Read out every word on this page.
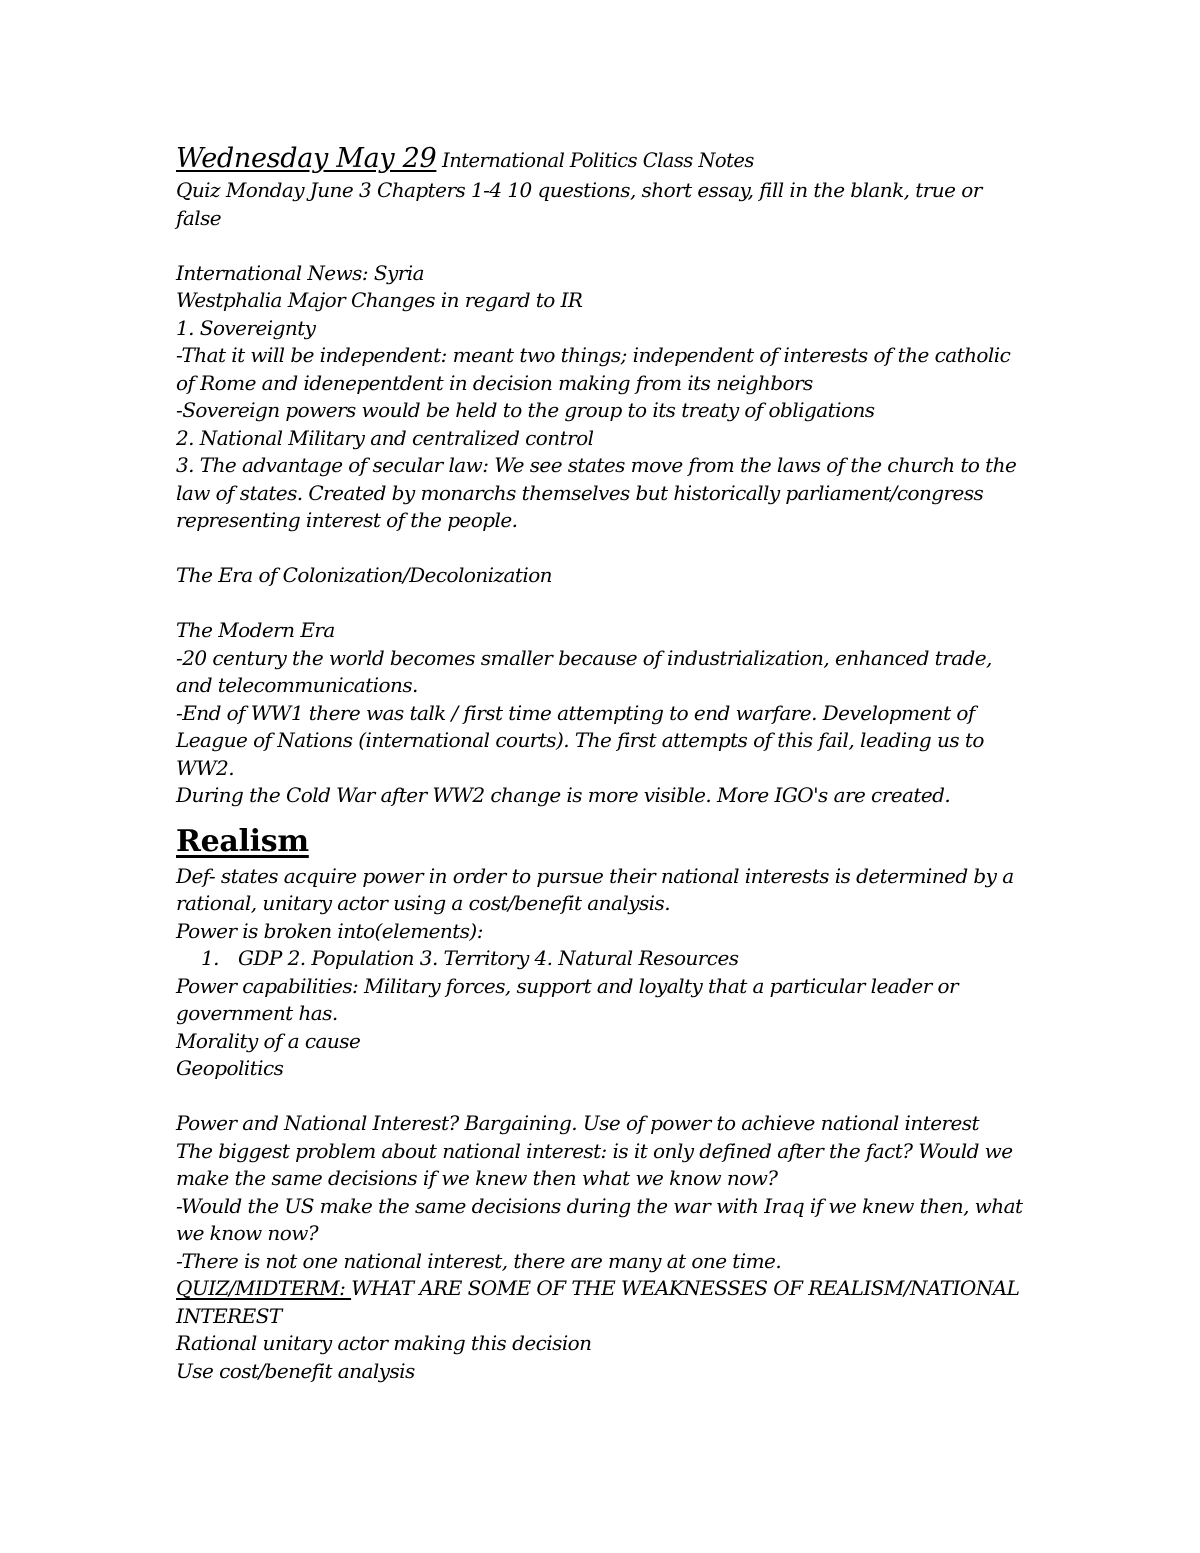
Wednesday May 29 International Politics Class Notes
Quiz Monday June 3 Chapters 1-4 10 questions, short essay, fill in the blank, true or
false
International News: Syria
Westphalia Major Changes in regard to IR
1. Sovereignty
-That it will be independent: meant two things; independent of interests of the catholic
of Rome and idenepentdent in decision making from its neighbors
-Sovereign powers would be held to the group to its treaty of obligations
2. National Military and centralized control
3. The advantage of secular law: We see states move from the laws of the church to the
law of states. Created by monarchs themselves but historically parliament/congress
representing interest of the people.
The Era of Colonization/Decolonization
The Modern Era
-20 century the world becomes smaller because of industrialization, enhanced trade,
and telecommunications.
-End of WW1 there was talk / first time attempting to end warfare. Development of
League of Nations (international courts). The first attempts of this fail, leading us to
WW2.
During the Cold War after WW2 change is more visible. More IGO's are created.
Realism
Def- states acquire power in order to pursue their national interests is determined by a
rational, unitary actor using a cost/benefit analysis.
Power is broken into(elements):
1. GDP 2. Population 3. Territory 4. Natural Resources
Power capabilities: Military forces, support and loyalty that a particular leader or
government has.
Morality of a cause
Geopolitics
Power and National Interest? Bargaining. Use of power to achieve national interest
The biggest problem about national interest: is it only defined after the fact? Would we
make the same decisions if we knew then what we know now?
-Would the US make the same decisions during the war with Iraq if we knew then, what
we know now?
-There is not one national interest, there are many at one time.
QUIZ/MIDTERM: WHAT ARE SOME OF THE WEAKNESSES OF REALISM/NATIONAL
INTEREST
Rational unitary actor making this decision
Use cost/benefit analysis
